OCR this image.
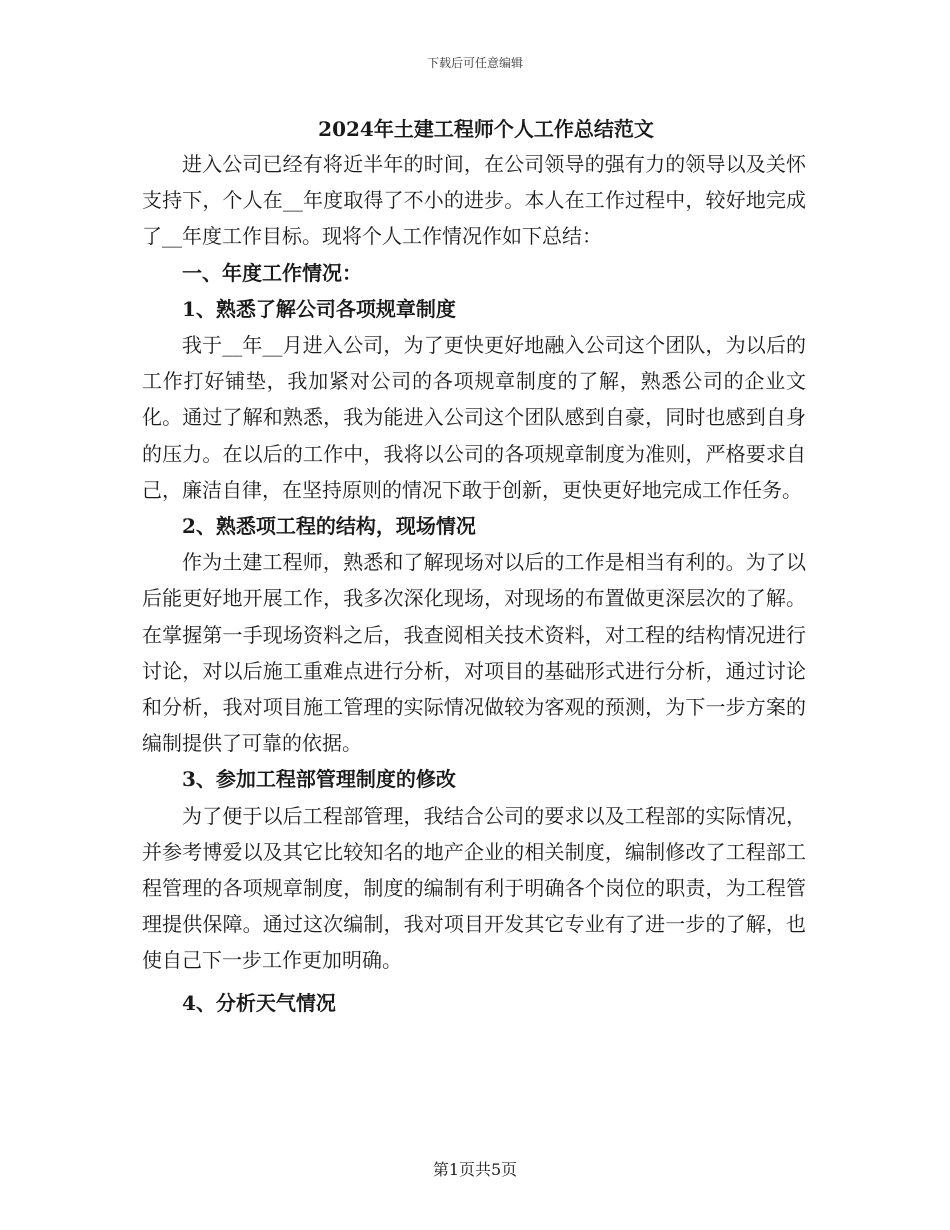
下载后可任意编辑
2024年土建工程师个人工作总结范文

进入公司已经有将近半年的时间，在公司领导的强有力的领导以及关怀支持下，个人在__年度取得了不小的进步。本人在工作过程中，较好地完成了__年度工作目标。现将个人工作情况作如下总结：

一、年度工作情况：

1、熟悉了解公司各项规章制度

我于__年__月进入公司，为了更快更好地融入公司这个团队，为以后的工作打好铺垫，我加紧对公司的各项规章制度的了解，熟悉公司的企业文化。通过了解和熟悉，我为能进入公司这个团队感到自豪，同时也感到自身的压力。在以后的工作中，我将以公司的各项规章制度为准则，严格要求自己，廉洁自律，在坚持原则的情况下敢于创新，更快更好地完成工作任务。

2、熟悉项工程的结构，现场情况

作为土建工程师，熟悉和了解现场对以后的工作是相当有利的。为了以后能更好地开展工作，我多次深化现场，对现场的布置做更深层次的了解。在掌握第一手现场资料之后，我查阅相关技术资料，对工程的结构情况进行讨论，对以后施工重难点进行分析，对项目的基础形式进行分析，通过讨论和分析，我对项目施工管理的实际情况做较为客观的预测，为下一步方案的编制提供了可靠的依据。

3、参加工程部管理制度的修改

为了便于以后工程部管理，我结合公司的要求以及工程部的实际情况，并参考博爱以及其它比较知名的地产企业的相关制度，编制修改了工程部工程管理的各项规章制度，制度的编制有利于明确各个岗位的职责，为工程管理提供保障。通过这次编制，我对项目开发其它专业有了进一步的了解，也使自己下一步工作更加明确。

4、分析天气情况

第1页共5页
